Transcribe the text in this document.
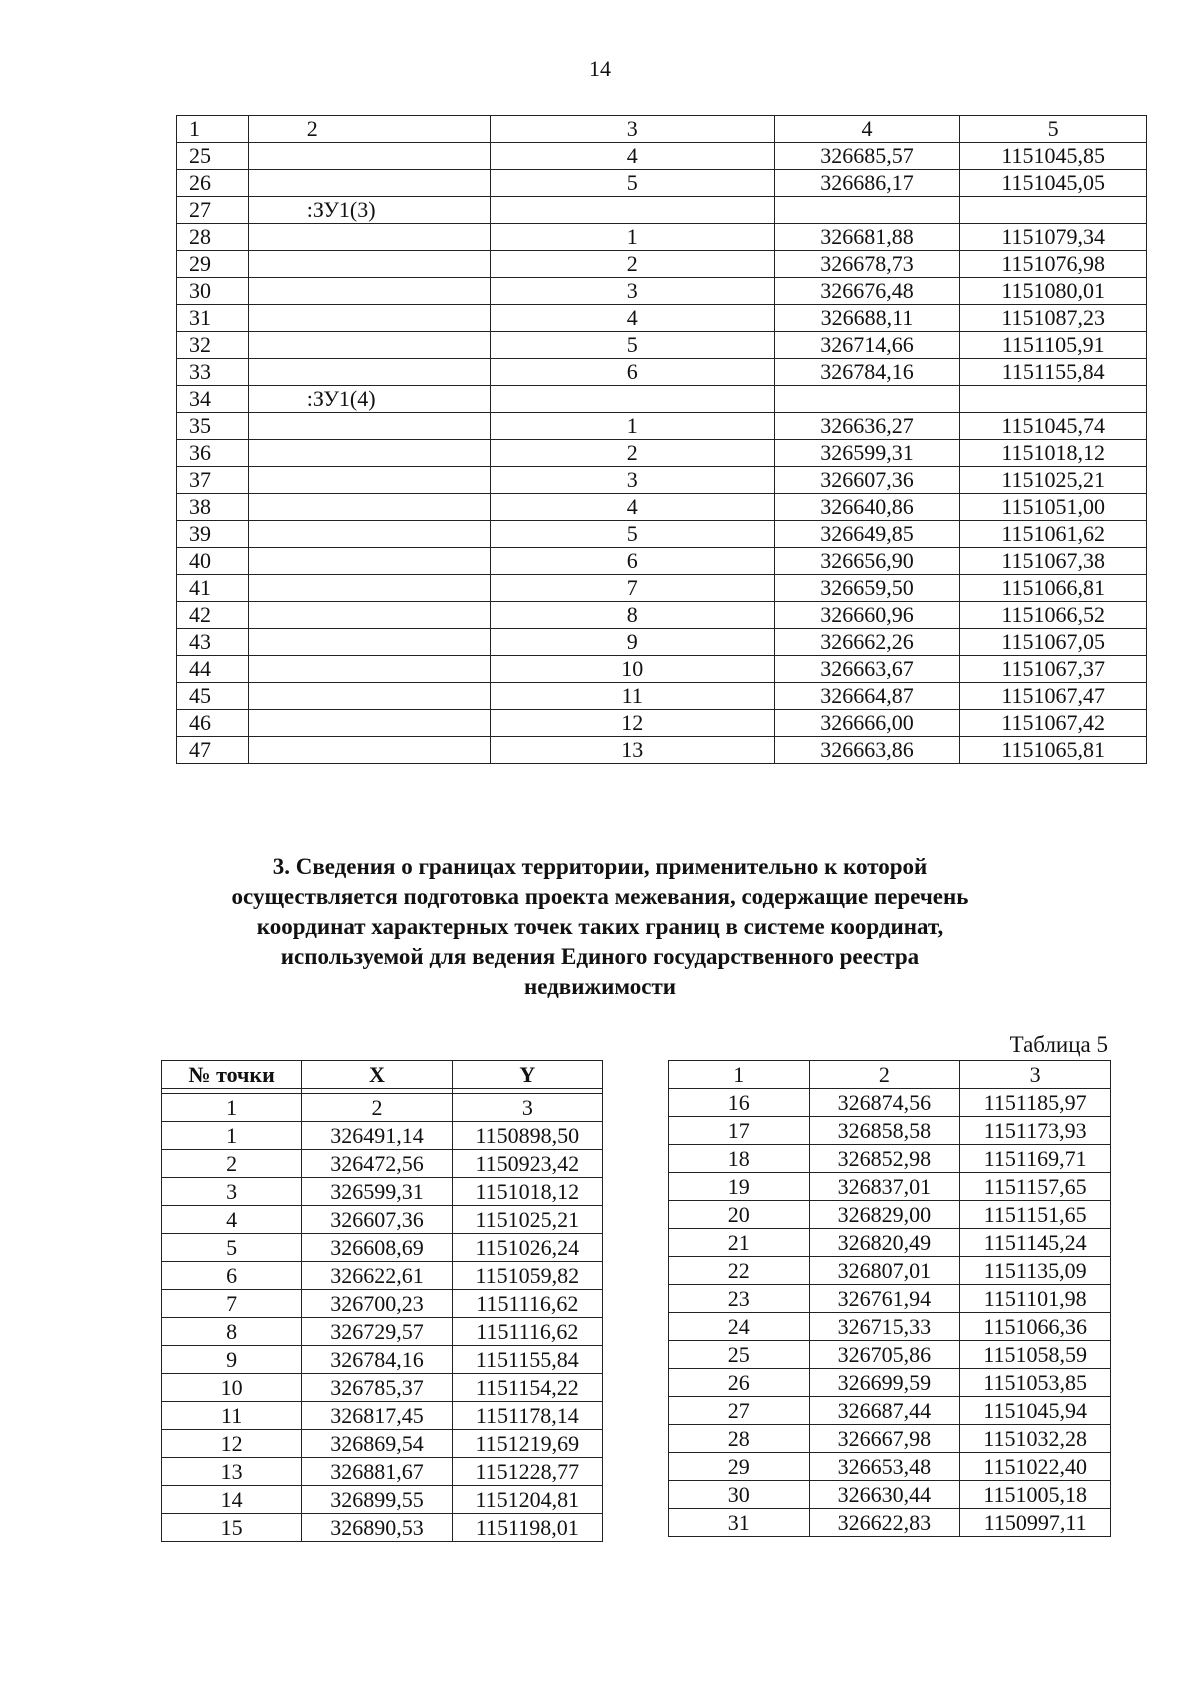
14
1	2	3	4	5
25		4	326685,57	1151045,85
26		5	326686,17	1151045,05
27	:ЗУ1(3)			
28		1	326681,88	1151079,34
29		2	326678,73	1151076,98
30		3	326676,48	1151080,01
31		4	326688,11	1151087,23
32		5	326714,66	1151105,91
33		6	326784,16	1151155,84
34	:ЗУ1(4)			
35		1	326636,27	1151045,74
36		2	326599,31	1151018,12
37		3	326607,36	1151025,21
38		4	326640,86	1151051,00
39		5	326649,85	1151061,62
40		6	326656,90	1151067,38
41		7	326659,50	1151066,81
42		8	326660,96	1151066,52
43		9	326662,26	1151067,05
44		10	326663,67	1151067,37
45		11	326664,87	1151067,47
46		12	326666,00	1151067,42
47		13	326663,86	1151065,81
3. Сведения о границах территории, применительно к которой осуществляется подготовка проекта межевания, содержащие перечень координат характерных точек таких границ в системе координат, используемой для ведения Единого государственного реестра недвижимости
Таблица 5
№ точки	X	Y

1	2	3
1	326491,14	1150898,50
2	326472,56	1150923,42
3	326599,31	1151018,12
4	326607,36	1151025,21
5	326608,69	1151026,24
6	326622,61	1151059,82
7	326700,23	1151116,62
8	326729,57	1151116,62
9	326784,16	1151155,84
10	326785,37	1151154,22
11	326817,45	1151178,14
12	326869,54	1151219,69
13	326881,67	1151228,77
14	326899,55	1151204,81
15	326890,53	1151198,01
1	2	3
16	326874,56	1151185,97
17	326858,58	1151173,93
18	326852,98	1151169,71
19	326837,01	1151157,65
20	326829,00	1151151,65
21	326820,49	1151145,24
22	326807,01	1151135,09
23	326761,94	1151101,98
24	326715,33	1151066,36
25	326705,86	1151058,59
26	326699,59	1151053,85
27	326687,44	1151045,94
28	326667,98	1151032,28
29	326653,48	1151022,40
30	326630,44	1151005,18
31	326622,83	1150997,11
